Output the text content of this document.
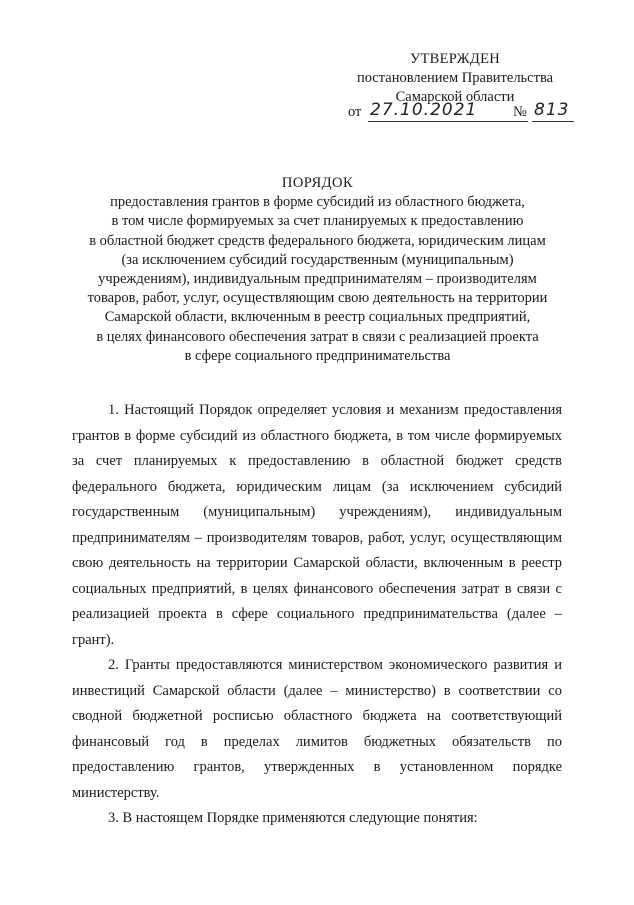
УТВЕРЖДЕН
постановлением Правительства
Самарской области
от 27.10.2021 № 813
ПОРЯДОК
предоставления грантов в форме субсидий из областного бюджета,
в том числе формируемых за счет планируемых к предоставлению
в областной бюджет средств федерального бюджета, юридическим лицам
(за исключением субсидий государственным (муниципальным)
учреждениям), индивидуальным предпринимателям – производителям
товаров, работ, услуг, осуществляющим свою деятельность на территории
Самарской области, включенным в реестр социальных предприятий,
в целях финансового обеспечения затрат в связи с реализацией проекта
в сфере социального предпринимательства

1. Настоящий Порядок определяет условия и механизм предоставления грантов в форме субсидий из областного бюджета, в том числе формируемых за счет планируемых к предоставлению в областной бюджет средств федерального бюджета, юридическим лицам (за исключением субсидий государственным (муниципальным) учреждениям), индивидуальным предпринимателям – производителям товаров, работ, услуг, осуществляющим свою деятельность на территории Самарской области, включенным в реестр социальных предприятий, в целях финансового обеспечения затрат в связи с реализацией проекта в сфере социального предпринимательства (далее – грант).

2. Гранты предоставляются министерством экономического развития и инвестиций Самарской области (далее – министерство) в соответствии со сводной бюджетной росписью областного бюджета на соответствующий финансовый год в пределах лимитов бюджетных обязательств по предоставлению грантов, утвержденных в установленном порядке министерству.

3. В настоящем Порядке применяются следующие понятия:
